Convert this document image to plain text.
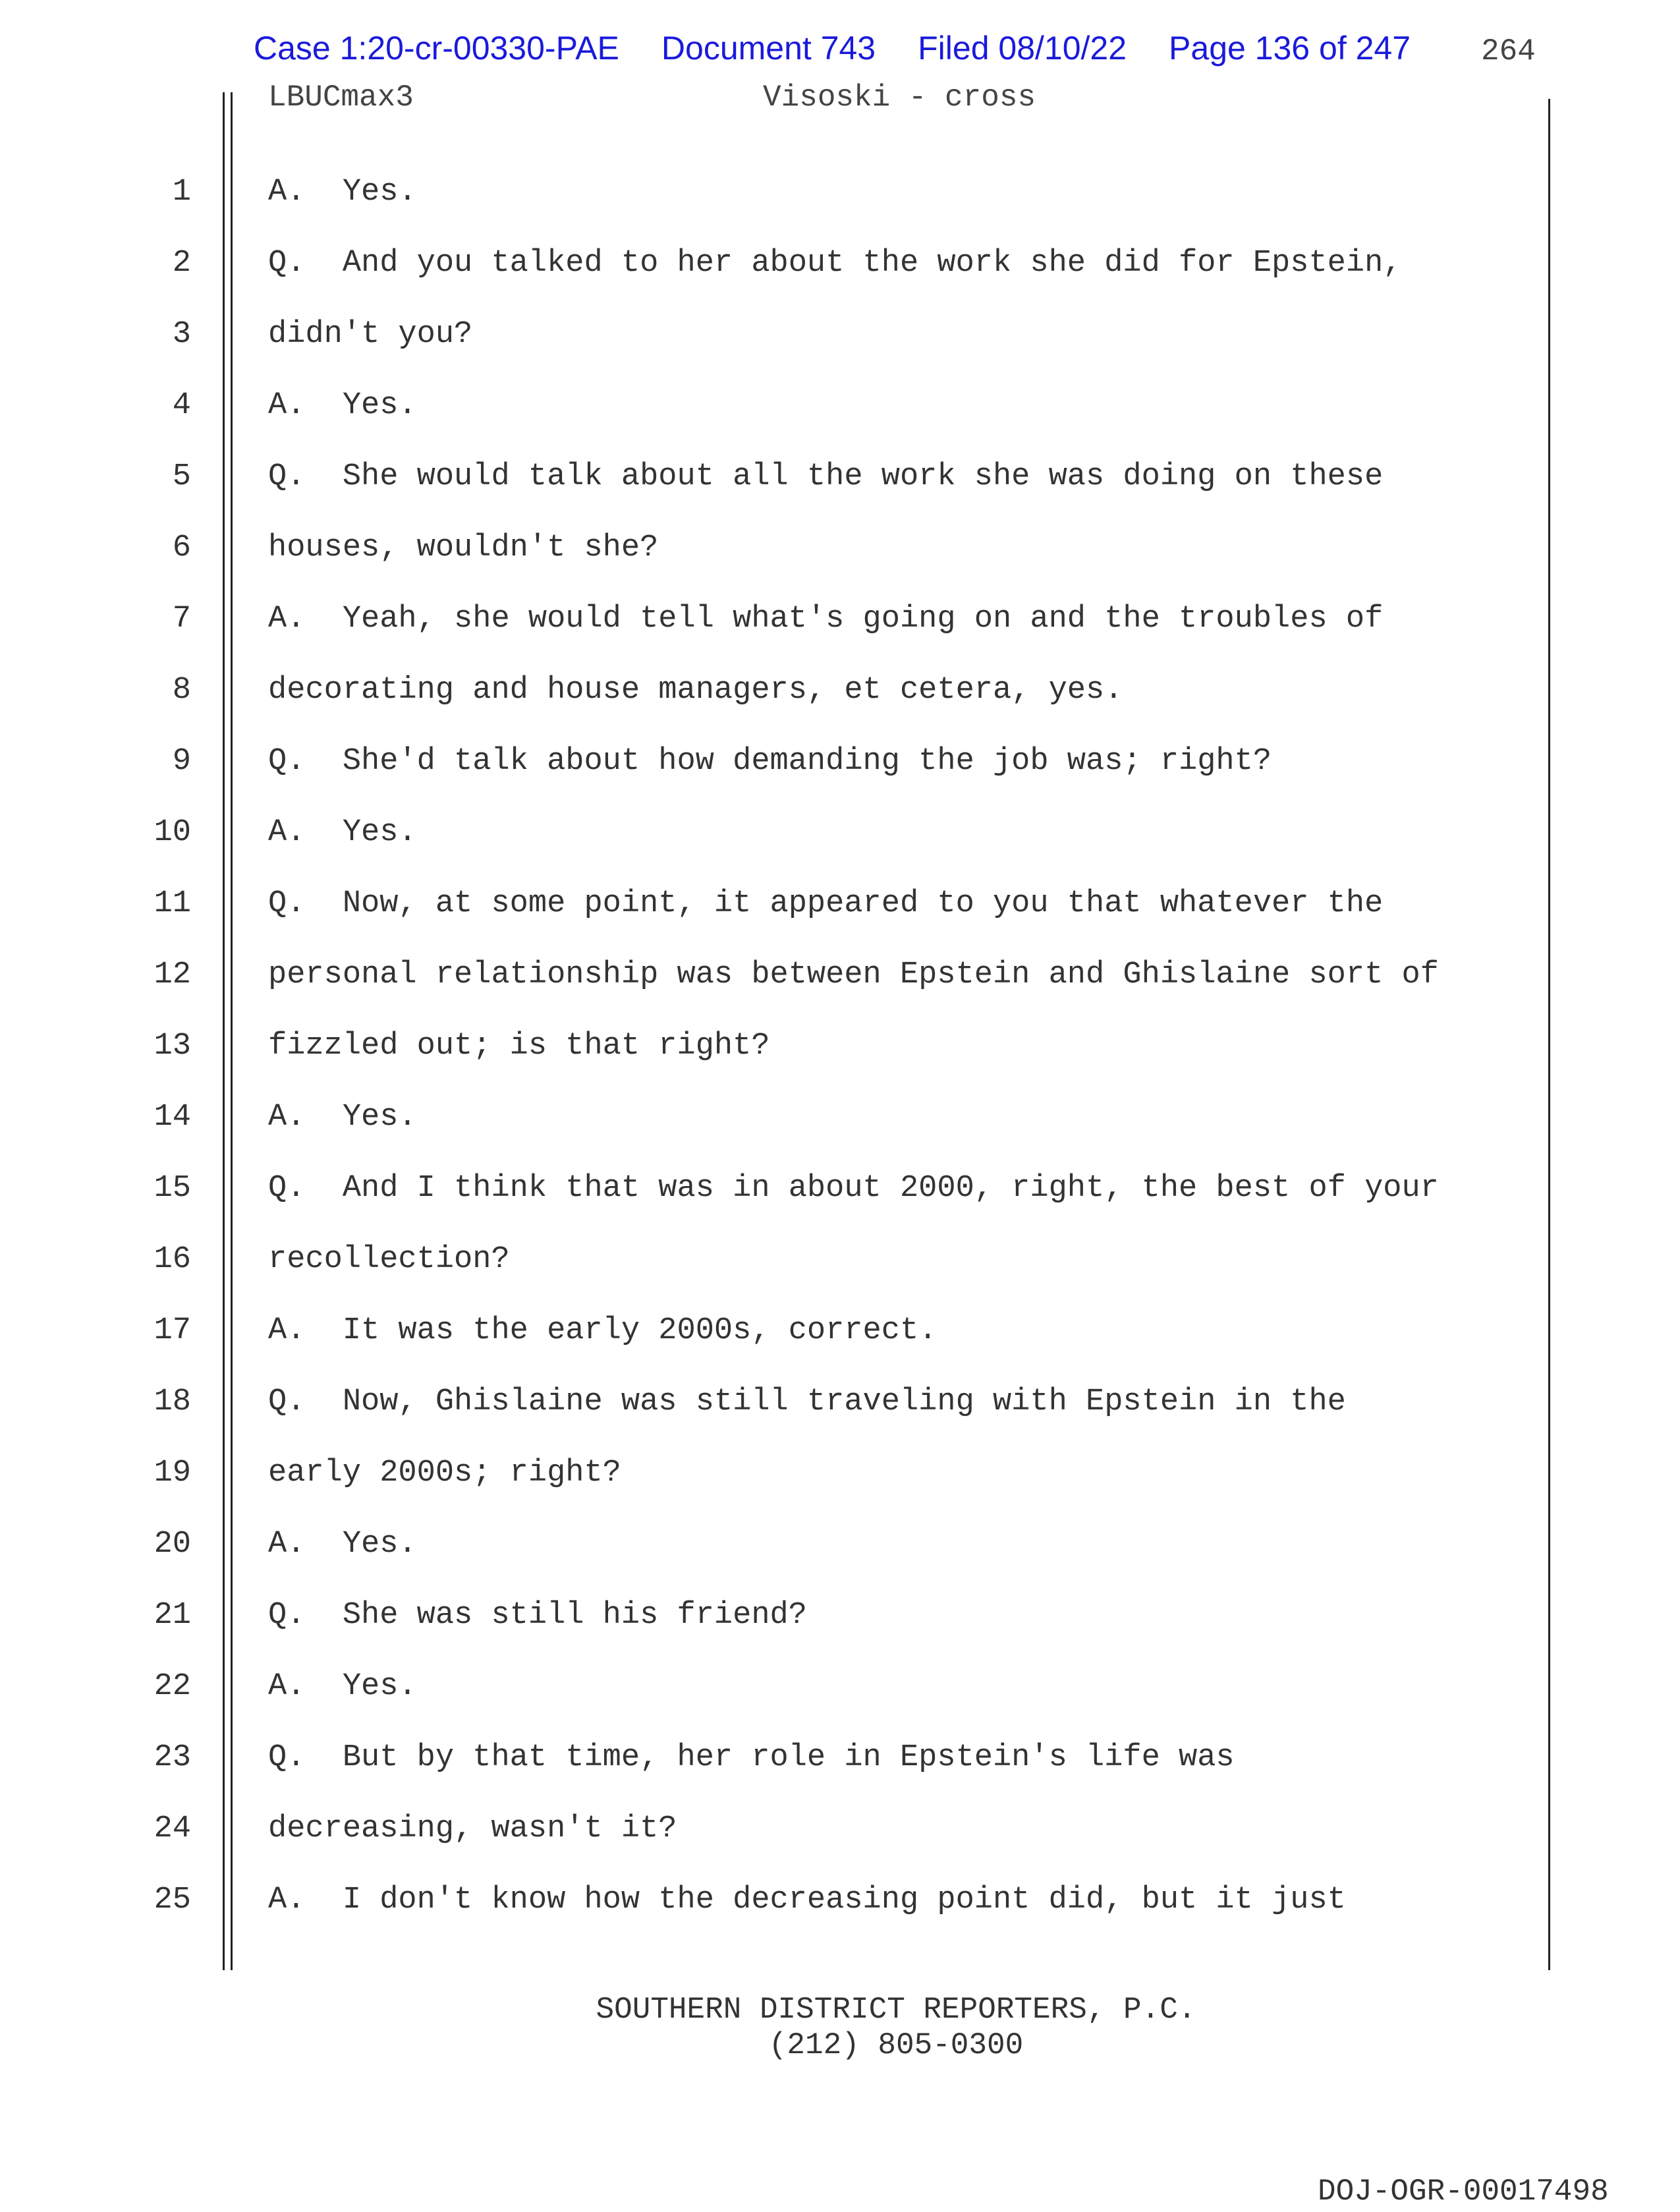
Case 1:20-cr-00330-PAE Document 743 Filed 08/10/22 Page 136 of 247	264
LBUCmax3	Visoski - cross
1 A.  Yes.
2 Q.  And you talked to her about the work she did for Epstein,
3 didn't you?
4 A.  Yes.
5 Q.  She would talk about all the work she was doing on these
6 houses, wouldn't she?
7 A.  Yeah, she would tell what's going on and the troubles of
8 decorating and house managers, et cetera, yes.
9 Q.  She'd talk about how demanding the job was; right?
10 A.  Yes.
11 Q.  Now, at some point, it appeared to you that whatever the
12 personal relationship was between Epstein and Ghislaine sort of
13 fizzled out; is that right?
14 A.  Yes.
15 Q.  And I think that was in about 2000, right, the best of your
16 recollection?
17 A.  It was the early 2000s, correct.
18 Q.  Now, Ghislaine was still traveling with Epstein in the
19 early 2000s; right?
20 A.  Yes.
21 Q.  She was still his friend?
22 A.  Yes.
23 Q.  But by that time, her role in Epstein's life was
24 decreasing, wasn't it?
25 A.  I don't know how the decreasing point did, but it just
SOUTHERN DISTRICT REPORTERS, P.C.
(212) 805-0300
DOJ-OGR-00017498
